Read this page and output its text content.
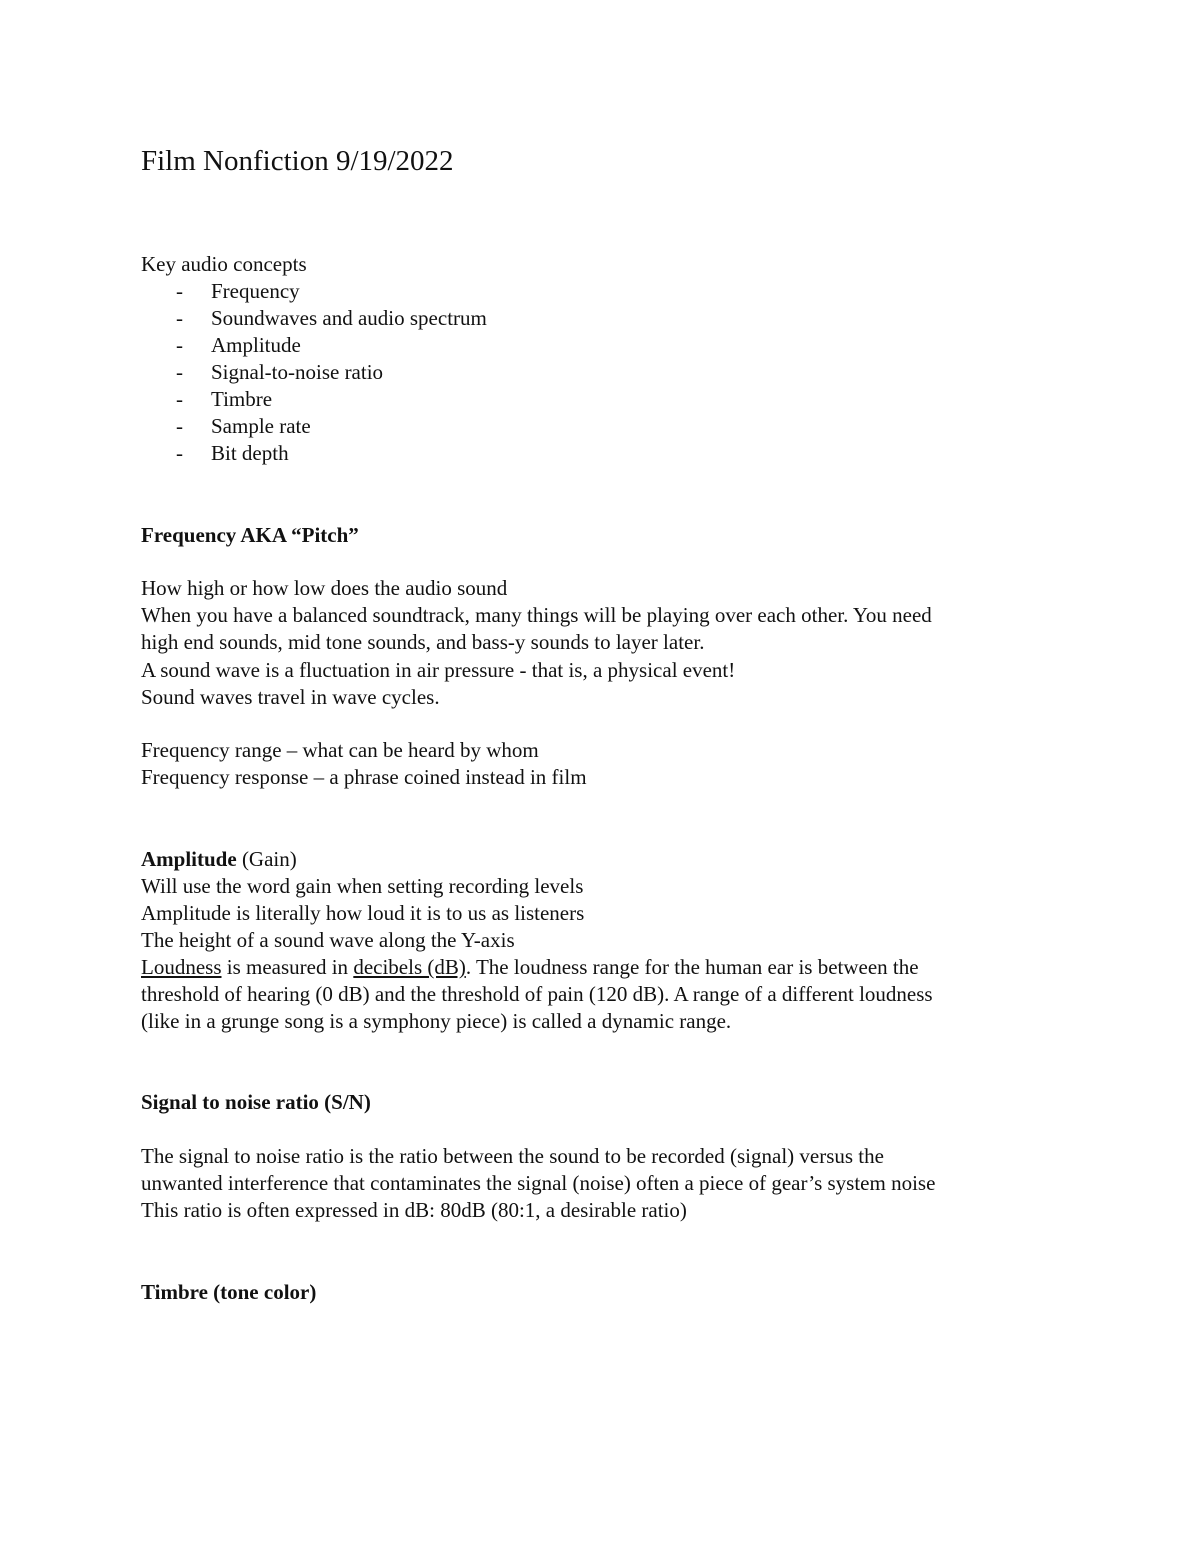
Film Nonfiction 9/19/2022
Key audio concepts
- Frequency
- Soundwaves and audio spectrum
- Amplitude
- Signal-to-noise ratio
- Timbre
- Sample rate
- Bit depth
Frequency AKA “Pitch”
How high or how low does the audio sound
When you have a balanced soundtrack, many things will be playing over each other. You need
high end sounds, mid tone sounds, and bass-y sounds to layer later.
A sound wave is a fluctuation in air pressure - that is, a physical event!
Sound waves travel in wave cycles.
Frequency range – what can be heard by whom
Frequency response – a phrase coined instead in film
Amplitude (Gain)
Will use the word gain when setting recording levels
Amplitude is literally how loud it is to us as listeners
The height of a sound wave along the Y-axis
Loudness is measured in decibels (dB). The loudness range for the human ear is between the
threshold of hearing (0 dB) and the threshold of pain (120 dB). A range of a different loudness
(like in a grunge song is a symphony piece) is called a dynamic range.
Signal to noise ratio (S/N)
The signal to noise ratio is the ratio between the sound to be recorded (signal) versus the
unwanted interference that contaminates the signal (noise) often a piece of gear’s system noise
This ratio is often expressed in dB: 80dB (80:1, a desirable ratio)
Timbre (tone color)
